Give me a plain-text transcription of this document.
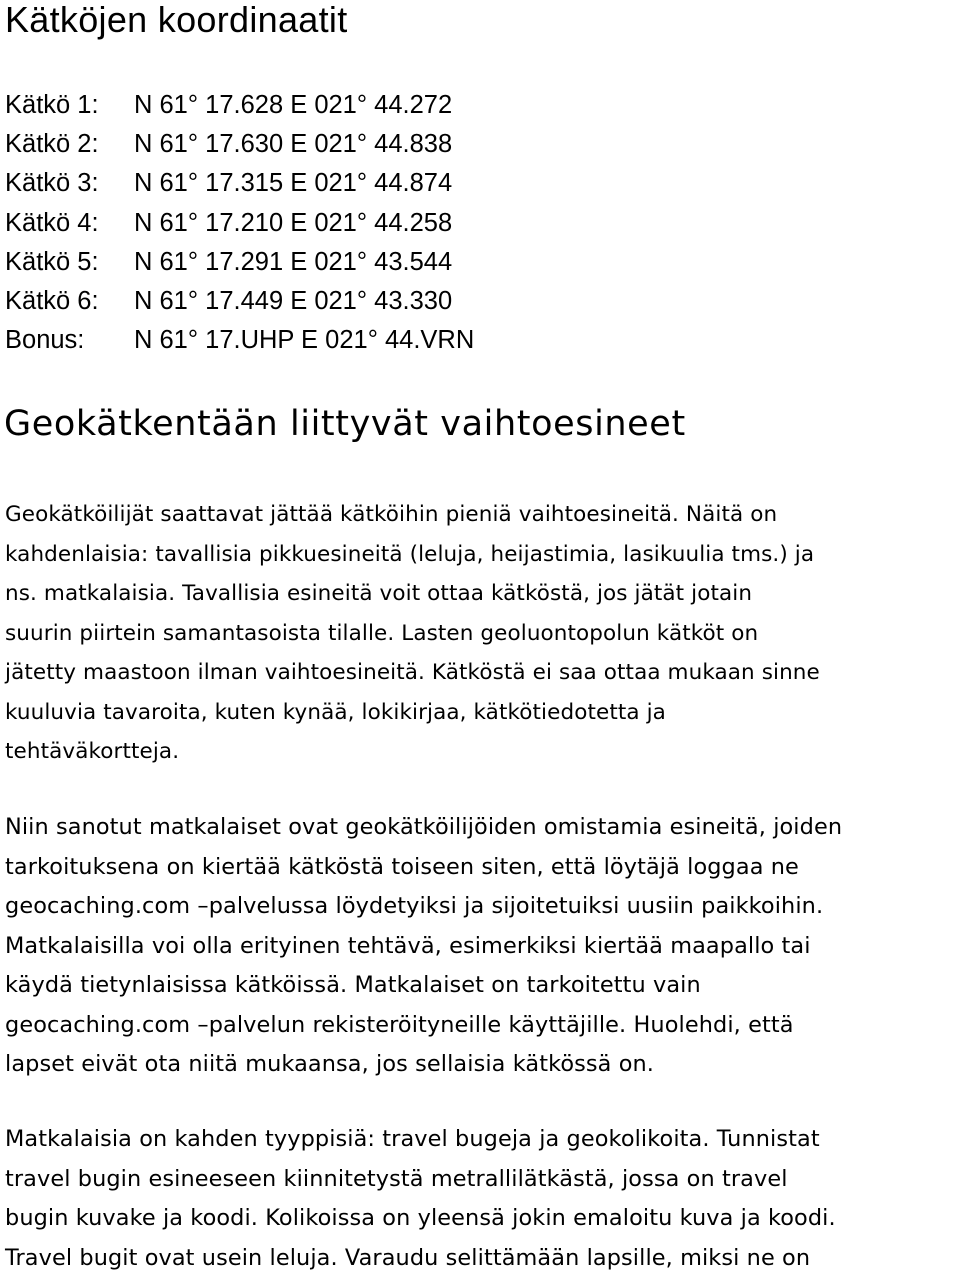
Kätköjen koordinaatit
Kätkö 1:	N 61° 17.628 E 021° 44.272
Kätkö 2:	N 61° 17.630 E 021° 44.838
Kätkö 3:	N 61° 17.315 E 021° 44.874
Kätkö 4:	N 61° 17.210 E 021° 44.258
Kätkö 5:	N 61° 17.291 E 021° 43.544
Kätkö 6:	N 61° 17.449 E 021° 43.330
Bonus:	N 61° 17.UHP E 021° 44.VRN
Geokätkentään liittyvät vaihtoesineet

Geokätköilijät saattavat jättää kätköihin pieniä vaihtoesineitä. Näitä on
kahdenlaisia: tavallisia pikkuesineitä (leluja, heijastimia, lasikuulia tms.) ja
ns. matkalaisia. Tavallisia esineitä voit ottaa kätköstä, jos jätät jotain
suurin piirtein samantasoista tilalle. Lasten geoluontopolun kätköt on
jätetty maastoon ilman vaihtoesineitä. Kätköstä ei saa ottaa mukaan sinne
kuuluvia tavaroita, kuten kynää, lokikirjaa, kätkötiedotetta ja
tehtäväkortteja.

Niin sanotut matkalaiset ovat geokätköilijöiden omistamia esineitä, joiden
tarkoituksena on kiertää kätköstä toiseen siten, että löytäjä loggaa ne
geocaching.com –palvelussa löydetyiksi ja sijoitetuiksi uusiin paikkoihin.
Matkalaisilla voi olla erityinen tehtävä, esimerkiksi kiertää maapallo tai
käydä tietynlaisissa kätköissä. Matkalaiset on tarkoitettu vain
geocaching.com –palvelun rekisteröityneille käyttäjille. Huolehdi, että
lapset eivät ota niitä mukaansa, jos sellaisia kätkössä on.

Matkalaisia on kahden tyyppisiä: travel bugeja ja geokolikoita. Tunnistat
travel bugin esineeseen kiinnitetystä metrallilätkästä, jossa on travel
bugin kuvake ja koodi. Kolikoissa on yleensä jokin emaloitu kuva ja koodi.
Travel bugit ovat usein leluja. Varaudu selittämään lapsille, miksi ne on
